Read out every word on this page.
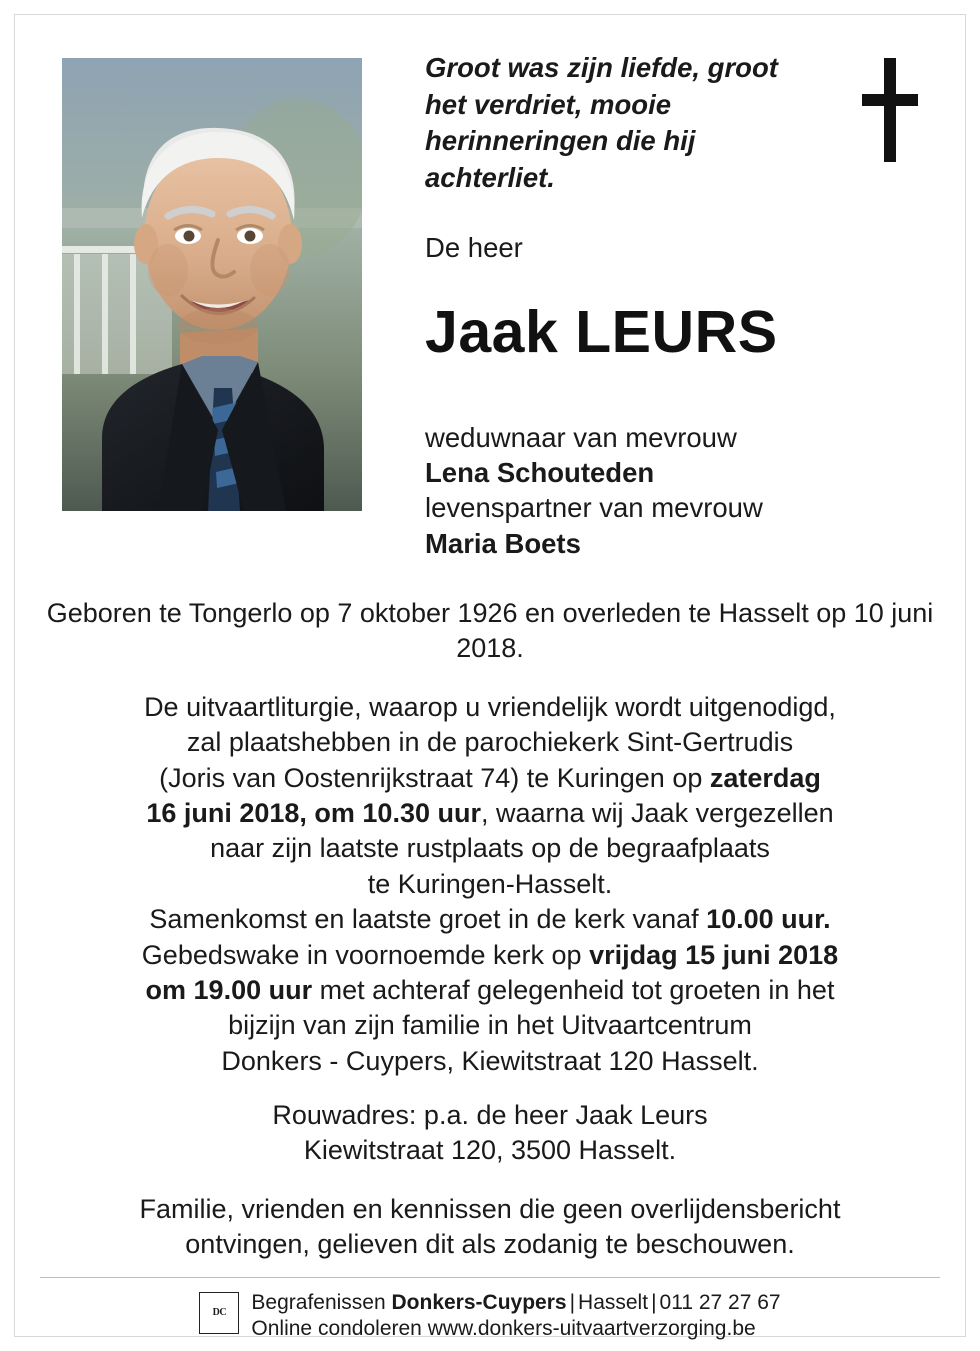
Groot was zijn liefde, groot het verdriet, mooie herinneringen die hij achterliet.
De heer
Jaak LEURS
weduwnaar van mevrouw
Lena Schouteden
levenspartner van mevrouw
Maria Boets
Geboren te Tongerlo op 7 oktober 1926 en overleden te Hasselt op 10 juni 2018.
De uitvaartliturgie, waarop u vriendelijk wordt uitgenodigd,
zal plaatshebben in de parochiekerk Sint-Gertrudis
(Joris van Oostenrijkstraat 74) te Kuringen op zaterdag
16 juni 2018, om 10.30 uur, waarna wij Jaak vergezellen
naar zijn laatste rustplaats op de begraafplaats
te Kuringen-Hasselt.
Samenkomst en laatste groet in de kerk vanaf 10.00 uur.
Gebedswake in voornoemde kerk op vrijdag 15 juni 2018
om 19.00 uur met achteraf gelegenheid tot groeten in het
bijzijn van zijn familie in het Uitvaartcentrum
Donkers - Cuypers, Kiewitstraat 120 Hasselt.
Rouwadres: p.a. de heer Jaak Leurs
Kiewitstraat 120, 3500 Hasselt.
Familie, vrienden en kennissen die geen overlijdensbericht
ontvingen, gelieven dit als zodanig te beschouwen.
DC Begrafenissen Donkers-Cuypers | Hasselt | 011 27 27 67
Online condoleren www.donkers-uitvaartverzorging.be
